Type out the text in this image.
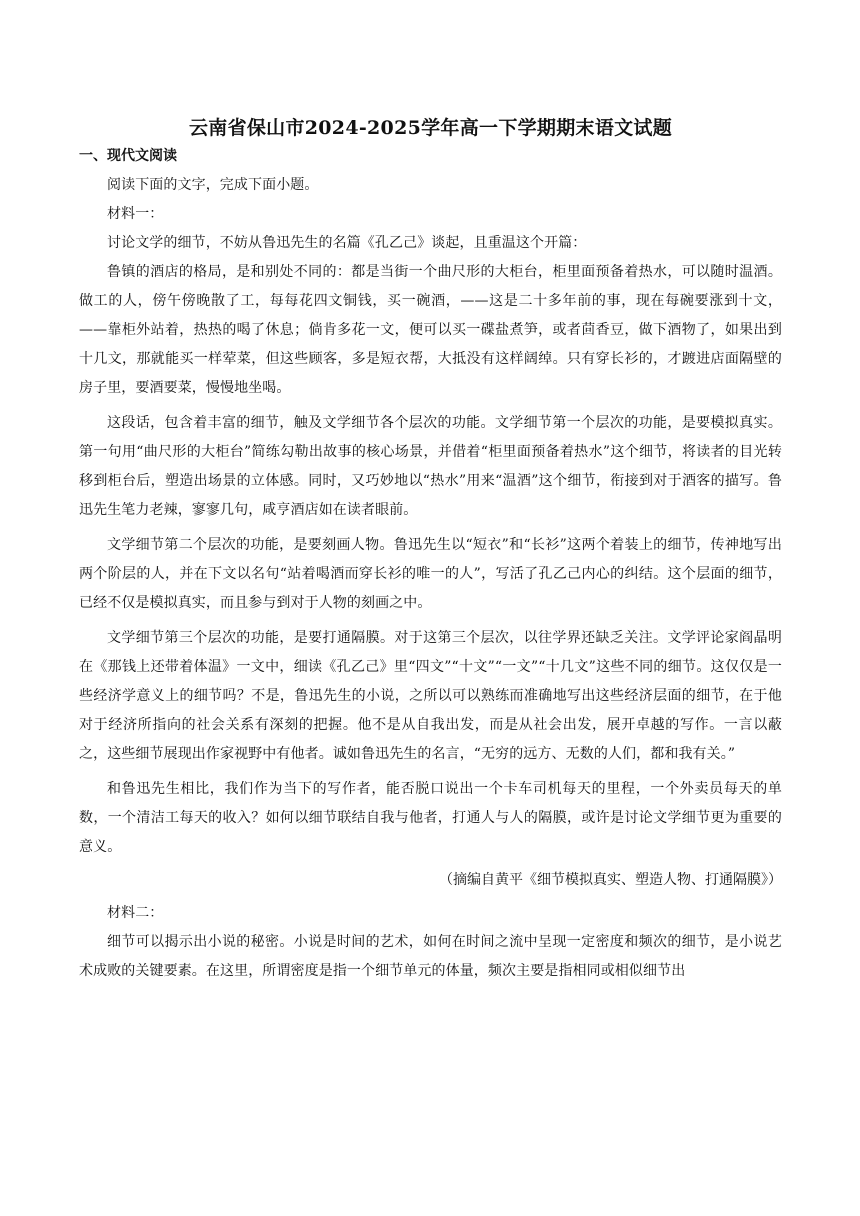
云南省保山市2024-2025学年高一下学期期末语文试题
一、现代文阅读

阅读下面的文字，完成下面小题。

材料一：

讨论文学的细节，不妨从鲁迅先生的名篇《孔乙己》谈起，且重温这个开篇：

鲁镇的酒店的格局，是和别处不同的：都是当街一个曲尺形的大柜台，柜里面预备着热水，可以随时温酒。做工的人，傍午傍晚散了工，每每花四文铜钱，买一碗酒，——这是二十多年前的事，现在每碗要涨到十文，——靠柜外站着，热热的喝了休息；倘肯多花一文，便可以买一碟盐煮笋，或者茴香豆，做下酒物了，如果出到十几文，那就能买一样荤菜，但这些顾客，多是短衣帮，大抵没有这样阔绰。只有穿长衫的，才踱进店面隔壁的房子里，要酒要菜，慢慢地坐喝。

这段话，包含着丰富的细节，触及文学细节各个层次的功能。文学细节第一个层次的功能，是要模拟真实。第一句用“曲尺形的大柜台”简练勾勒出故事的核心场景，并借着“柜里面预备着热水”这个细节，将读者的目光转移到柜台后，塑造出场景的立体感。同时，又巧妙地以“热水”用来“温酒”这个细节，衔接到对于酒客的描写。鲁迅先生笔力老辣，寥寥几句，咸亨酒店如在读者眼前。

文学细节第二个层次的功能，是要刻画人物。鲁迅先生以“短衣”和“长衫”这两个着装上的细节，传神地写出两个阶层的人，并在下文以名句“站着喝酒而穿长衫的唯一的人”，写活了孔乙己内心的纠结。这个层面的细节，已经不仅是模拟真实，而且参与到对于人物的刻画之中。

文学细节第三个层次的功能，是要打通隔膜。对于这第三个层次，以往学界还缺乏关注。文学评论家阎晶明在《那钱上还带着体温》一文中，细读《孔乙己》里“四文”“十文”“一文”“十几文”这些不同的细节。这仅仅是一些经济学意义上的细节吗？不是，鲁迅先生的小说，之所以可以熟练而准确地写出这些经济层面的细节，在于他对于经济所指向的社会关系有深刻的把握。他不是从自我出发，而是从社会出发，展开卓越的写作。一言以蔽之，这些细节展现出作家视野中有他者。诚如鲁迅先生的名言，“无穷的远方、无数的人们，都和我有关。”

和鲁迅先生相比，我们作为当下的写作者，能否脱口说出一个卡车司机每天的里程，一个外卖员每天的单数，一个清洁工每天的收入？如何以细节联结自我与他者，打通人与人的隔膜，或许是讨论文学细节更为重要的意义。

（摘编自黄平《细节模拟真实、塑造人物、打通隔膜》）

材料二：

细节可以揭示出小说的秘密。小说是时间的艺术，如何在时间之流中呈现一定密度和频次的细节，是小说艺术成败的关键要素。在这里，所谓密度是指一个细节单元的体量，频次主要是指相同或相似细节出
